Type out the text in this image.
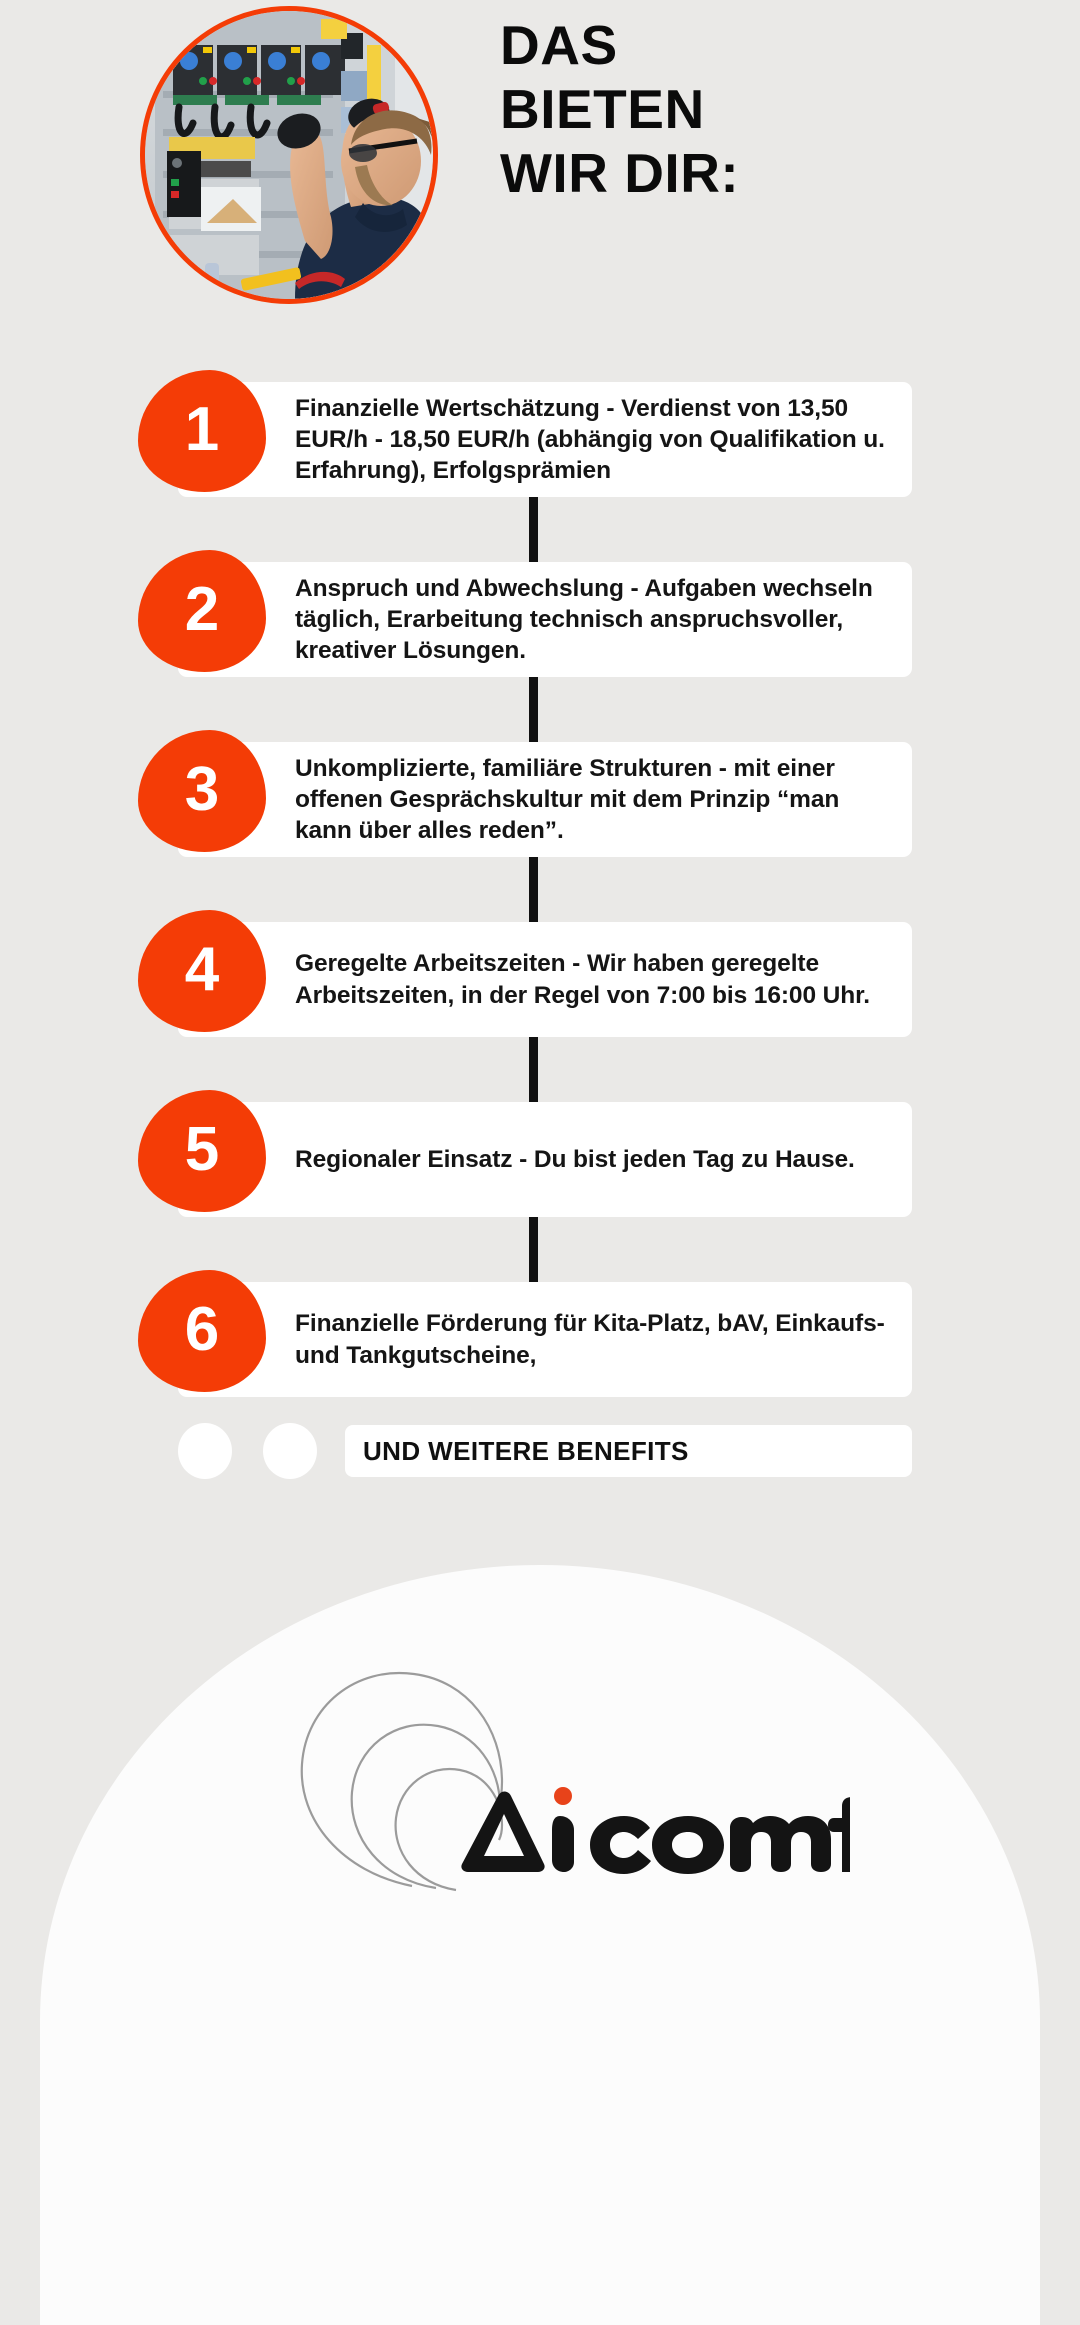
DAS
BIETEN
WIR DIR:
Finanzielle Wertschätzung - Verdienst von 13,50 EUR/h - 18,50 EUR/h (abhängig von Qualifikation u. Erfahrung), Erfolgsprämien
1
Anspruch und Abwechslung - Aufgaben wechseln täglich, Erarbeitung technisch anspruchsvoller, kreativer Lösungen.
2
Unkomplizierte, familiäre Strukturen - mit einer offenen Gesprächskultur mit dem Prinzip “man kann über alles reden”.
3
Geregelte Arbeitszeiten - Wir haben geregelte Arbeitszeiten, in der Regel von 7:00 bis 16:00 Uhr.
4
Regionaler Einsatz - Du bist jeden Tag zu Hause.
5
Finanzielle Förderung für Kita-Platz, bAV, Einkaufs- und Tankgutscheine,
6
UND WEITERE BENEFITS
